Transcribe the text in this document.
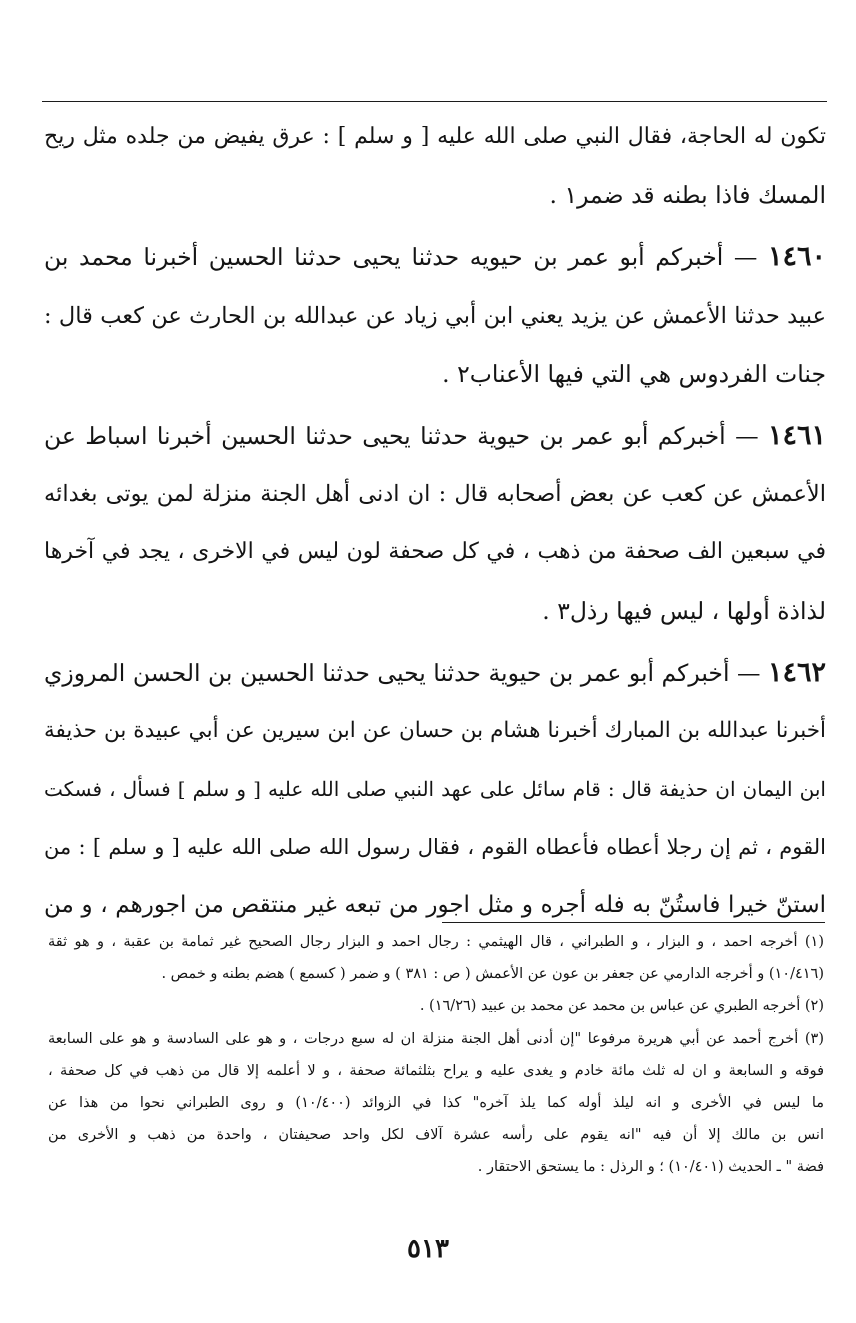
تكون له الحاجة، فقال النبي صلى الله عليه [ و سلم ] : عرق يفيض من جلده مثل ريح
المسك فاذا بطنه قد ضمر١ .
١٤٦٠ — أخبركم أبو عمر بن حيويه حدثنا يحيى حدثنا الحسين أخبرنا محمد بن
عبيد حدثنا الأعمش عن يزيد يعني ابن أبي زياد عن عبدالله بن الحارث عن كعب قال :
جنات الفردوس هي التي فيها الأعناب٢ .
١٤٦١ — أخبركم أبو عمر بن حيوية حدثنا يحيى حدثنا الحسين أخبرنا اسباط عن
الأعمش عن كعب عن بعض أصحابه قال : ان ادنى أهل الجنة منزلة لمن يوتى بغدائه
في سبعين الف صحفة من ذهب ، في كل صحفة لون ليس في الاخرى ، يجد في آخرها
لذاذة أولها ، ليس فيها رذل٣ .
١٤٦٢ — أخبركم أبو عمر بن حيوية حدثنا يحيى حدثنا الحسين بن الحسن المروزي
أخبرنا عبدالله بن المبارك أخبرنا هشام بن حسان عن ابن سيرين عن أبي عبيدة بن حذيفة
ابن اليمان ان حذيفة قال : قام سائل على عهد النبي صلى الله عليه [ و سلم ] فسأل ، فسكت
القوم ، ثم إن رجلا أعطاه فأعطاه القوم ، فقال رسول الله صلى الله عليه [ و سلم ] : من
استنّ خيرا فاستُنّ به فله أجره و مثل اجور من تبعه غير منتقص من اجورهم ، و من
(١) أخرجه احمد ، و البزار ، و الطبراني ، قال الهيثمي : رجال احمد و البزار رجال الصحيح غير ثمامة بن عقبة ، و هو ثقة
(١٠/٤١٦) و أخرجه الدارمي عن جعفر بن عون عن الأعمش ( ص : ٣٨١ ) و ضمر ( كسمع ) هضم بطنه و خمص .
(٢) أخرجه الطبري عن عباس بن محمد عن محمد بن عبيد (١٦/٢٦) .
(٣) أخرج أحمد عن أبي هريرة مرفوعا "إن أدنى أهل الجنة منزلة ان له سبع درجات ، و هو على السادسة و هو على السابعة
فوقه و السابعة و ان له ثلث مائة خادم و يغدى عليه و يراح بثلثمائة صحفة ، و لا أعلمه إلا قال من ذهب في كل صحفة ،
ما ليس في الأخرى و انه ليلذ أوله كما يلذ آخره" كذا في الزوائد (١٠/٤٠٠) و روى الطبراني نحوا من هذا عن
انس بن مالك إلا أن فيه "انه يقوم على رأسه عشرة آلاف لكل واحد صحيفتان ، واحدة من ذهب و الأخرى من
فضة " ـ الحديث (١٠/٤٠١) ؛ و الرذل : ما يستحق الاحتقار .
٥١٣
